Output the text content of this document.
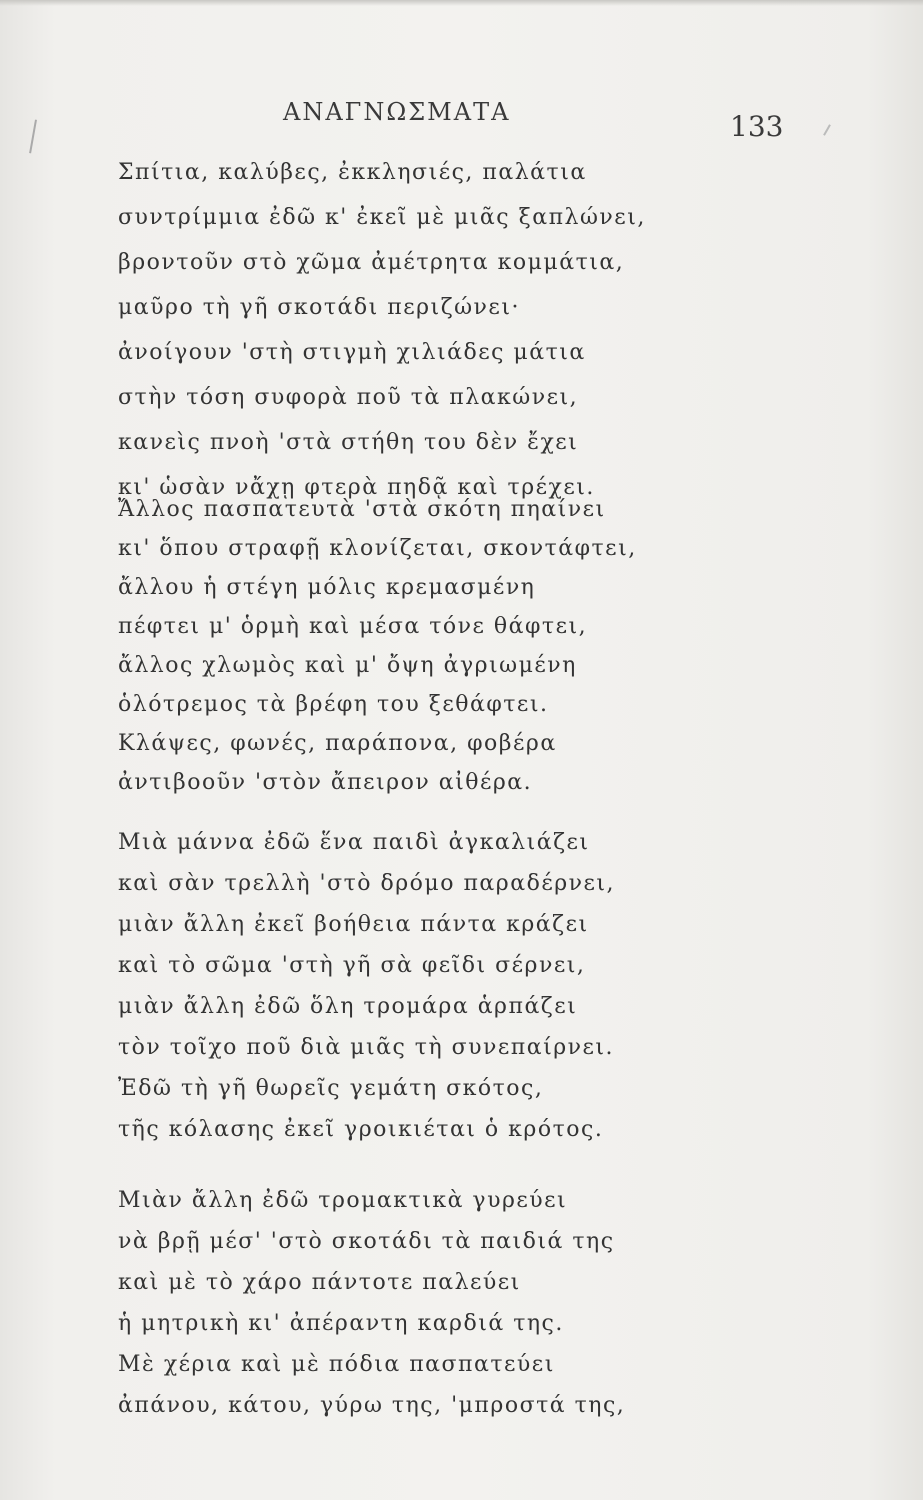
ΑΝΑΓΝΩΣΜΑΤΑ	133
Σπίτια, καλύβες, ἐκκλησιές, παλάτια
συντρίμμια ἐδῶ κ' ἐκεῖ μὲ μιᾶς ξαπλώνει,
βροντοῦν στὸ χῶμα ἀμέτρητα κομμάτια,
μαῦρο τὴ γῆ σκοτάδι περιζώνει·
ἀνοίγουν 'στὴ στιγμὴ χιλιάδες μάτια
στὴν τόση συφορὰ ποῦ τὰ πλακώνει,
κανεὶς πνοὴ 'στὰ στήθη του δὲν ἔχει
κι' ὡσὰν νἄχῃ φτερὰ πηδᾷ καὶ τρέχει.
Ἄλλος πασπατευτὰ 'στὰ σκότη πηαίνει
κι' ὅπου στραφῇ κλονίζεται, σκοντάφτει,
ἄλλου ἡ στέγη μόλις κρεμασμένη
πέφτει μ' ὁρμὴ καὶ μέσα τόνε θάφτει,
ἄλλος χλωμὸς καὶ μ' ὄψη ἀγριωμένη
ὁλότρεμος τὰ βρέφη του ξεθάφτει.
Κλάψες, φωνές, παράπονα, φοβέρα
ἀντιβοοῦν 'στὸν ἄπειρον αἰθέρα.
Μιὰ μάννα ἐδῶ ἕνα παιδὶ ἀγκαλιάζει
καὶ σὰν τρελλὴ 'στὸ δρόμο παραδέρνει,
μιὰν ἄλλη ἐκεῖ βοήθεια πάντα κράζει
καὶ τὸ σῶμα 'στὴ γῆ σὰ φεῖδι σέρνει,
μιὰν ἄλλη ἐδῶ ὅλη τρομάρα ἁρπάζει
τὸν τοῖχο ποῦ διὰ μιᾶς τὴ συνεπαίρνει.
Ἐδῶ τὴ γῆ θωρεῖς γεμάτη σκότος,
τῆς κόλασης ἐκεῖ γροικιέται ὁ κρότος.
Μιὰν ἄλλη ἐδῶ τρομακτικὰ γυρεύει
νὰ βρῇ μέσ' 'στὸ σκοτάδι τὰ παιδιά της
καὶ μὲ τὸ χάρο πάντοτε παλεύει
ἡ μητρικὴ κι' ἀπέραντη καρδιά της.
Μὲ χέρια καὶ μὲ πόδια πασπατεύει
ἀπάνου, κάτου, γύρω της, 'μπροστά της,
